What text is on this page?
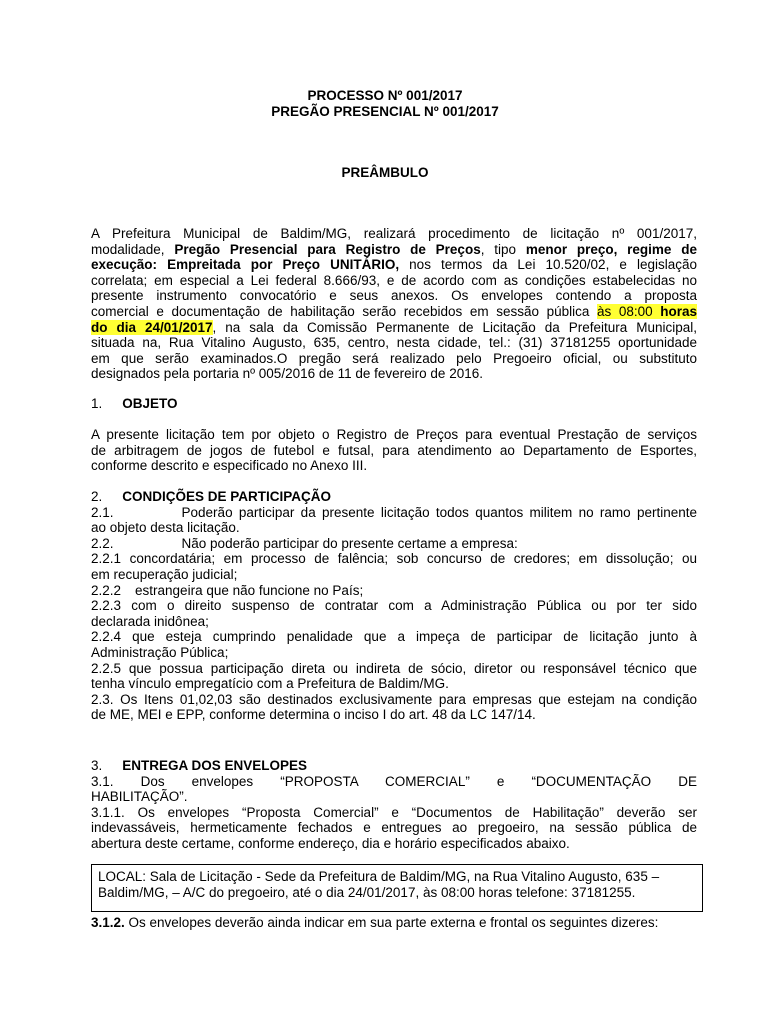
PROCESSO Nº 001/2017
PREGÃO PRESENCIAL Nº 001/2017
PREÂMBULO
A Prefeitura Municipal de Baldim/MG, realizará procedimento de licitação nº 001/2017,
modalidade, Pregão Presencial para Registro de Preços, tipo menor preço, regime de
execução: Empreitada por Preço UNITÁRIO, nos termos da Lei 10.520/02, e legislação
correlata; em especial a Lei federal 8.666/93, e de acordo com as condições estabelecidas no
presente instrumento convocatório e seus anexos. Os envelopes contendo a proposta
comercial e documentação de habilitação serão recebidos em sessão pública às 08:00 horas
do dia 24/01/2017, na sala da Comissão Permanente de Licitação da Prefeitura Municipal,
situada na, Rua Vitalino Augusto, 635, centro, nesta cidade, tel.: (31) 37181255 oportunidade
em que serão examinados.O pregão será realizado pelo Pregoeiro oficial, ou substituto
designados pela portaria nº 005/2016 de 11 de fevereiro de 2016.
1. OBJETO
A presente licitação tem por objeto o Registro de Preços para eventual Prestação de serviços
de arbitragem de jogos de futebol e futsal, para atendimento ao Departamento de Esportes,
conforme descrito e especificado no Anexo III.
2. CONDIÇÕES DE PARTICIPAÇÃO
2.1.	Poderão participar da presente licitação todos quantos militem no ramo pertinente
ao objeto desta licitação.
2.2.	Não poderão participar do presente certame a empresa:
2.2.1 concordatária; em processo de falência; sob concurso de credores; em dissolução; ou
em recuperação judicial;
2.2.2 estrangeira que não funcione no País;
2.2.3 com o direito suspenso de contratar com a Administração Pública ou por ter sido
declarada inidônea;
2.2.4 que esteja cumprindo penalidade que a impeça de participar de licitação junto à
Administração Pública;
2.2.5 que possua participação direta ou indireta de sócio, diretor ou responsável técnico que
tenha vínculo empregatício com a Prefeitura de Baldim/MG.
2.3. Os Itens 01,02,03 são destinados exclusivamente para empresas que estejam na condição
de ME, MEI e EPP, conforme determina o inciso I do art. 48 da LC 147/14.
3. ENTREGA DOS ENVELOPES
3.1. Dos envelopes “PROPOSTA COMERCIAL” e “DOCUMENTAÇÃO DE
HABILITAÇÃO”.
3.1.1. Os envelopes “Proposta Comercial” e “Documentos de Habilitação” deverão ser
indevassáveis, hermeticamente fechados e entregues ao pregoeiro, na sessão pública de
abertura deste certame, conforme endereço, dia e horário especificados abaixo.
LOCAL: Sala de Licitação - Sede da Prefeitura de Baldim/MG, na Rua Vitalino Augusto, 635 –
Baldim/MG, – A/C do pregoeiro, até o dia 24/01/2017, às 08:00 horas telefone: 37181255.
3.1.2. Os envelopes deverão ainda indicar em sua parte externa e frontal os seguintes dizeres:
